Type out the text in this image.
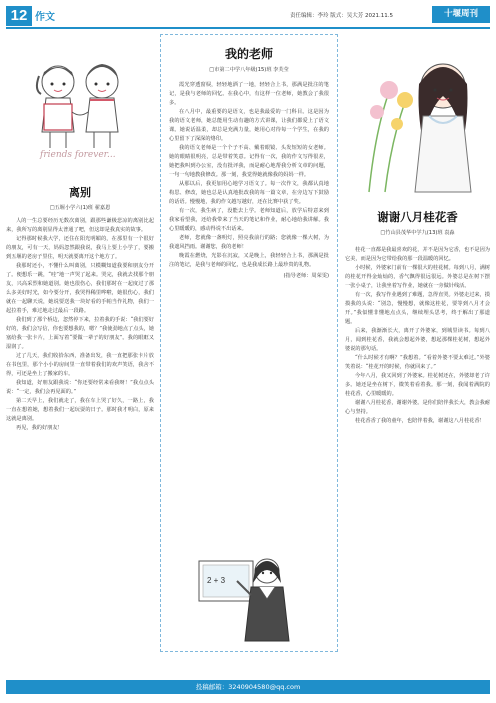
12 作文	责任编辑：李玲 版式：吴大芳 2021.11.5	十堰周刊
friends forever...
离别
□五堰小学六(1)班 翟嘉恩

人的一生总要经历无数次离别，跟那些谦极悲凉的离别比起来，我所写的离别显得太普通了吧，但这却是我真实的故事。

记得那时候我大学，还住在阳光明媚的，在那里有一个很好的朋友，可有一天，妈妈忽然跟我说，我马上要上小学了，要搬到五堰的老房子里住，明天就要离开这个地方了。

我那时还小，不懂什么叫离别，只模糊知道我要和朋友分开了。便想乐一跳，“哇”地一声哭了起来。哭完，我就去找那个朋友，兴高采烈和她道别。她也很伤心，我们那时在一起度过了那么多美好时光，如今要分开，我哭得稀里哗啦，她很伤心，我们就在一起聊天说，她说要送我一块好看的手帕当作礼物，我们一起拉着手，难过地走过最后一段路。

我们到了那个桥边，忽然停下来，拉着我的手说：“我们要好好的，我们会写信，你也要想我的，嗯？”我使劲地点了点头，她塞给我一张卡片，上面写着“要做一辈子的好朋友”。我的眼眶又湿润了。

过了几天，我们收拾东西，准备出发，我一直把那张卡片放在书包里，那个小小的房间里一直带着我们的欢声笑语，我舍不得，可还是坐上了搬家的车。

我知道，好朋友跟我说：“你还要经常来看我呀！”我点点头说：“一定，我们会再见面的。”

第二天早上，我们就走了，我在车上哭了好久，一路上，我一直在想着她，想着我们一起玩耍的日子。那时我才明白，原来这就是离别。

再见，我的好朋友！

我的老师
□市第二中学八年级(15)班 李芙莹

霞光穿透窗棂，轻轻地洒了一地，轻轻合上书，那满是批注的笔记，是我与老师的回忆。在我心中，有这样一位老师，她教会了我很多。

在八月中，最重要的是语文，也是我最爱的一门科目。这是因为我的语文老师，她总能用生动有趣的方式讲课，让我们都爱上了语文课。她说话温柔，却总是充满力量，她用心对待每一个学生，在我的心里留下了深深的烙印。

我的语文老师是一个个子不高、戴着眼镜、头发短短的女老师。她的眼睛很明亮，总是带着笑意。记得有一次，我的作文写得很差，她把我叫到办公室，没有批评我，而是耐心地帮我分析文章的问题，一句一句地教我修改。那一刻，我觉得她就像我的妈妈一样。

从那以后，我更加用心地学习语文了。每一次作文，我都认真地构思、修改，她也总是认真地批改我的每一篇文章，在旁边写下鼓励的话语。慢慢地，我的作文越写越好，还在比赛中获了奖。

有一次，我生病了，没能去上学。老师知道后，放学后特意来到我家看望我，还给我带来了当天的笔记和作业，耐心地给我讲解。我心里暖暖的，感动得说不出话来。

老师，您就像一盏明灯，照亮我前行的路；您就像一棵大树，为我遮风挡雨。谢谢您，我的老师！

晚霞在燃烧，光影在沉寂，又是晚上，我轻轻合上书，那满是批注的笔记，是我与老师的回忆，也是我成长路上最珍贵的礼物。

(指导老师：周荣雯)
2 + 3
谢谢八月桂花香
□竹山县茂华中学九(13)班 袁淼

桂花一直都是我最喜欢的花，并不是因为它香，也不是因为它美，而是因为它带给我的那一段温暖的回忆。

小时候，外婆家门前有一棵很大的桂花树。每到八月，满树的桂花开得金灿灿的，香气飘得很远很远。外婆总是在树下摆一张小桌子，让我坐着写作业，她就在一旁做针线活。

有一次，我写作业遇到了难题，急得直哭。外婆走过来，摸摸我的头说：“别急，慢慢想，就像这桂花，要等到八月才会开。”我似懂非懂地点点头，继续埋头思考，终于解出了那道题。

后来，我渐渐长大，离开了外婆家，到城里读书。每到八月，闻到桂花香，我就会想起外婆，想起那棵桂花树，想起外婆说的那句话。

“什么时候才有啊？”我想着。“看着外婆不要太难过。”外婆笑着说：“桂花开的时候，你就回来了。”

今年八月，我又回到了外婆家。桂花树还在，外婆却老了许多。她还是坐在树下，微笑着看着我。那一刻，我闻着满院的桂花香，心里暖暖的。

谢谢八月桂花香，谢谢外婆。是你们陪伴我长大，教会我耐心与坚持。

桂花香香了我的童年，也陪伴着我，谢谢这八月桂花香！

投稿邮箱：3240904580@qq.com
